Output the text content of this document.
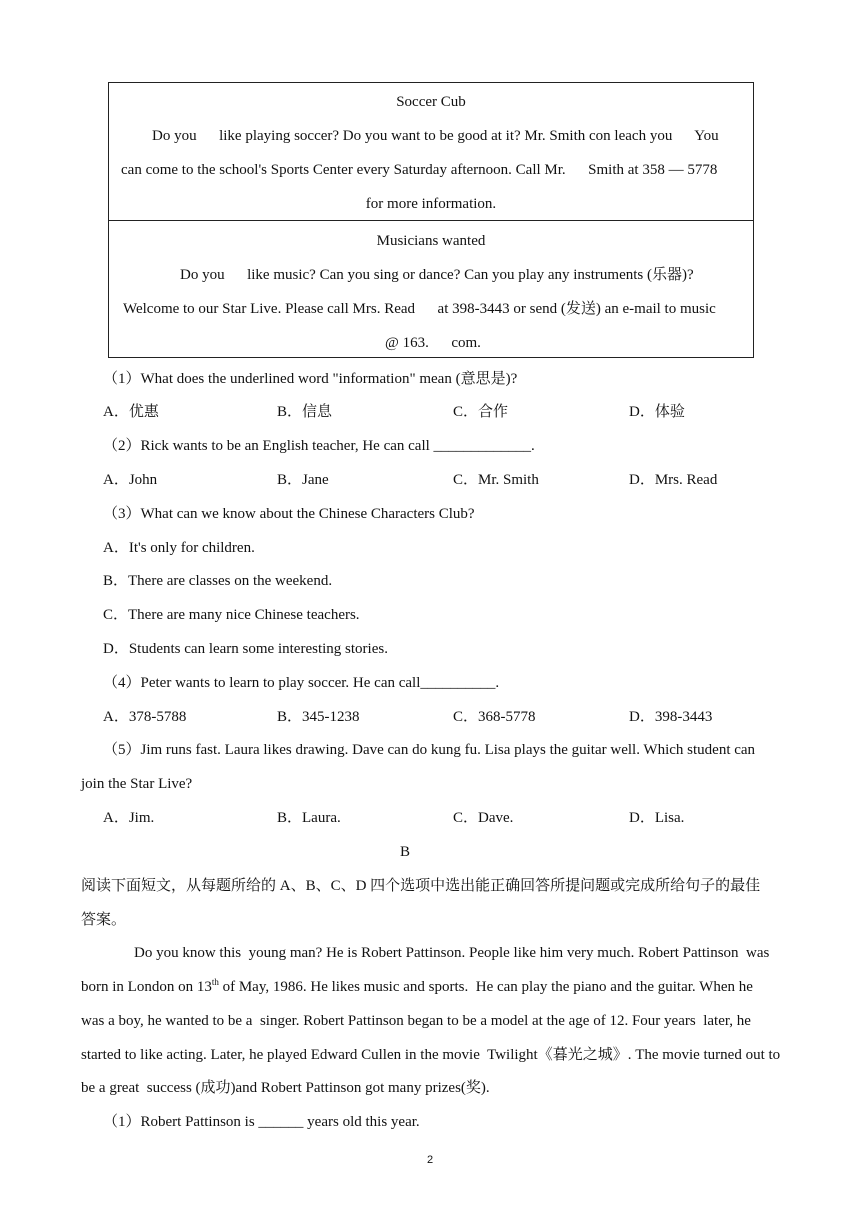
Soccer Cub
Do you      like playing soccer? Do you want to be good at it? Mr. Smith con leach you      You
can come to the school's Sports Center every Saturday afternoon. Call Mr.      Smith at 358 — 5778
for more information.
Musicians wanted
Do you      like music? Can you sing or dance? Can you play any instruments (乐器)?
Welcome to our Star Live. Please call Mrs. Read      at 398-3443 or send (发送) an e-mail to music
@ 163.      com.
（1）What does the underlined word "information" mean (意思是)?
A．优惠	B．信息	C．合作	D．体验
（2）Rick wants to be an English teacher, He can call _____________.
A．John	B．Jane	C．Mr. Smith	D．Mrs. Read
（3）What can we know about the Chinese Characters Club?
A．It's only for children.
B．There are classes on the weekend.
C．There are many nice Chinese teachers.
D．Students can learn some interesting stories.
（4）Peter wants to learn to play soccer. He can call__________.
A．378-5788	B．345-1238	C．368-5778	D．398-3443
（5）Jim runs fast. Laura likes drawing. Dave can do kung fu. Lisa plays the guitar well. Which student can
join the Star Live?
A．Jim.	B．Laura.	C．Dave.	D．Lisa.
B
阅读下面短文，从每题所给的 A、B、C、D 四个选项中选出能正确回答所提问题或完成所给句子的最佳
答案。
Do you know this  young man? He is Robert Pattinson. People like him very much. Robert Pattinson  was
born in London on 13th of May, 1986. He likes music and sports.  He can play the piano and the guitar. When he
was a boy, he wanted to be a  singer. Robert Pattinson began to be a model at the age of 12. Four years  later, he
started to like acting. Later, he played Edward Cullen in the movie  Twilight《暮光之城》. The movie turned out to
be a great  success (成功)and Robert Pattinson got many prizes(奖).
（1）Robert Pattinson is ______ years old this year.
2
